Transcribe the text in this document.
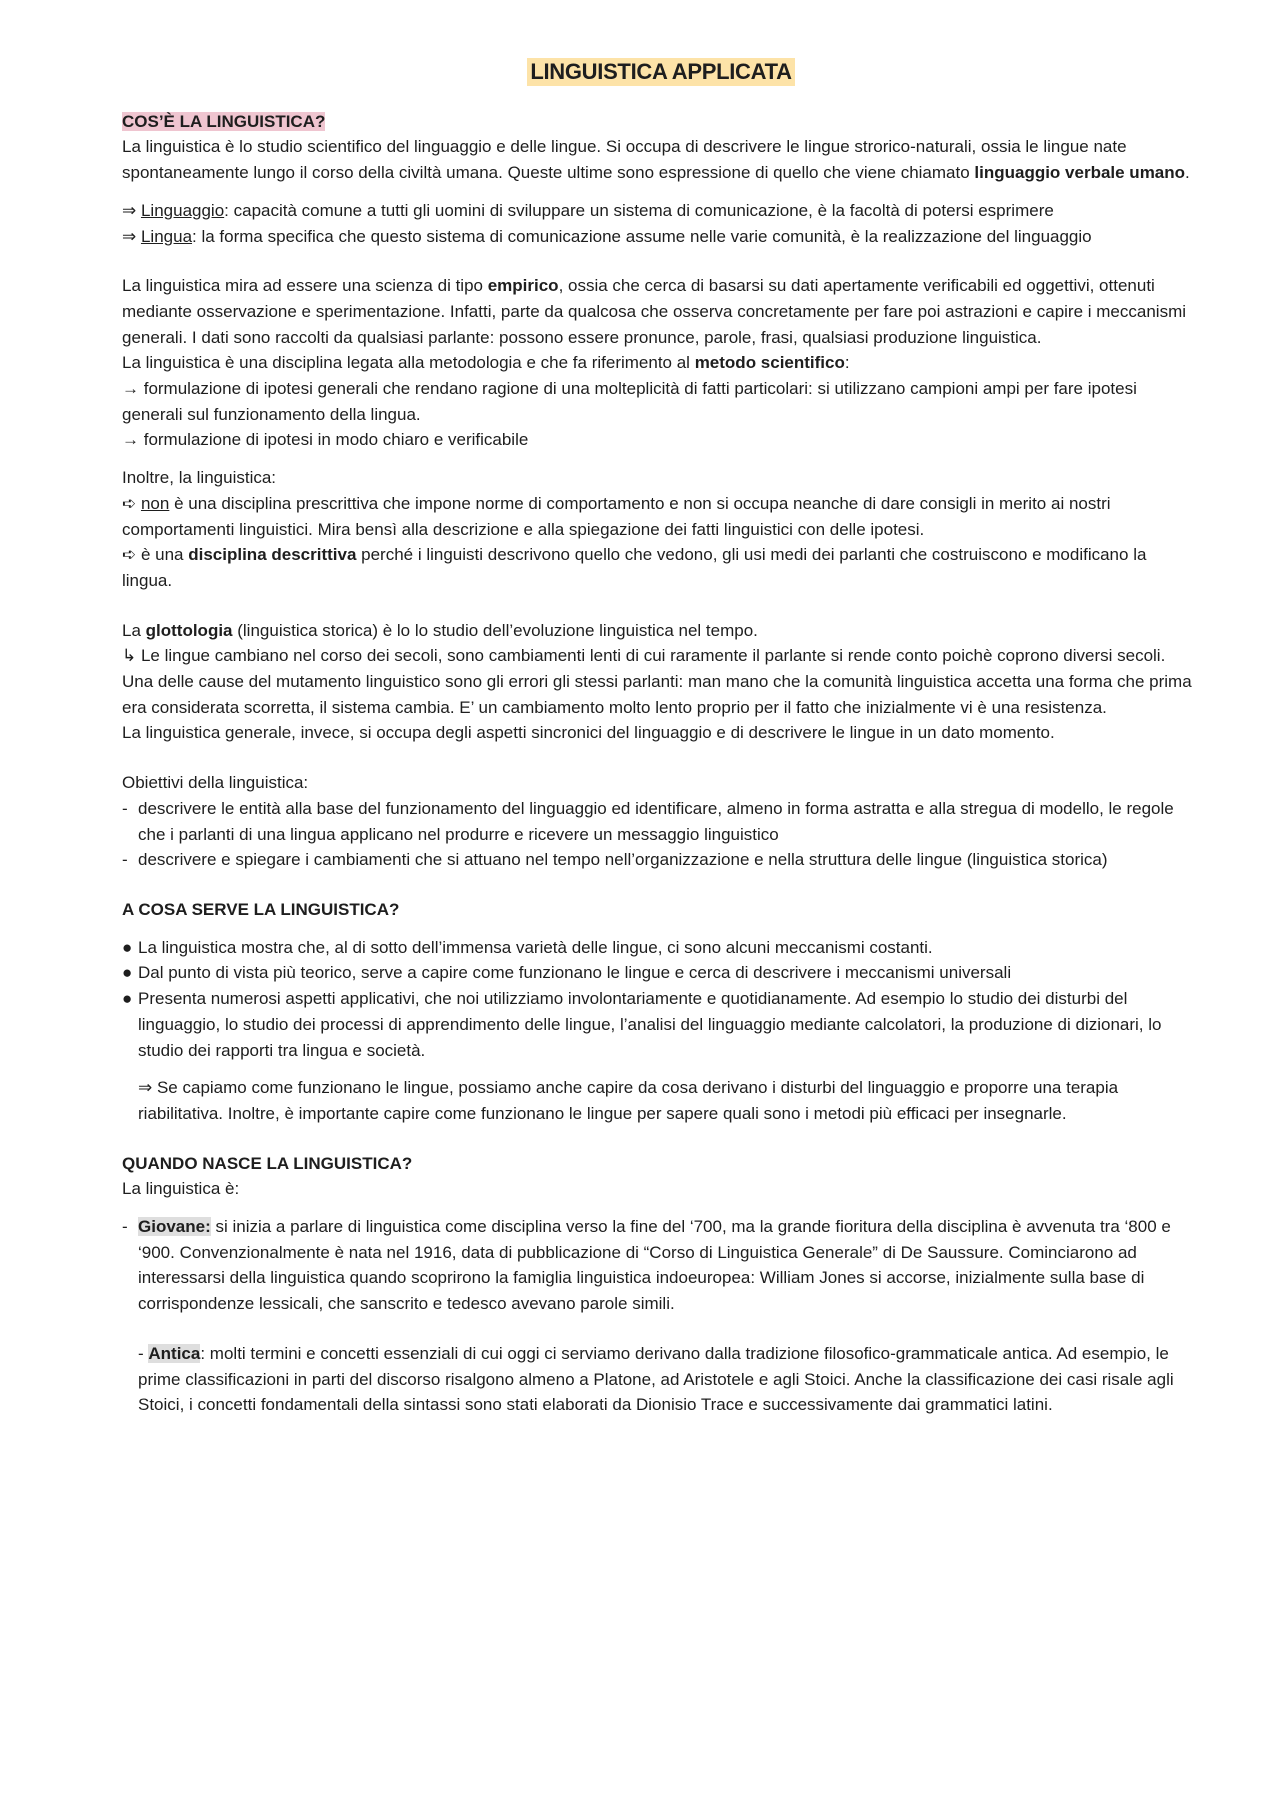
LINGUISTICA APPLICATA

COS’È LA LINGUISTICA?

La linguistica è lo studio scientifico del linguaggio e delle lingue. Si occupa di descrivere le lingue strorico-naturali, ossia le lingue nate spontaneamente lungo il corso della civiltà umana. Queste ultime sono espressione di quello che viene chiamato linguaggio verbale umano.

⇒ Linguaggio: capacità comune a tutti gli uomini di sviluppare un sistema di comunicazione, è la facoltà di potersi esprimere

⇒ Lingua: la forma specifica che questo sistema di comunicazione assume nelle varie comunità, è la realizzazione del linguaggio

La linguistica mira ad essere una scienza di tipo empirico, ossia che cerca di basarsi su dati apertamente verificabili ed oggettivi, ottenuti mediante osservazione e sperimentazione. Infatti, parte da qualcosa che osserva concretamente per fare poi astrazioni e capire i meccanismi generali. I dati sono raccolti da qualsiasi parlante: possono essere pronunce, parole, frasi, qualsiasi produzione linguistica.

La linguistica è una disciplina legata alla metodologia e che fa riferimento al metodo scientifico:

→ formulazione di ipotesi generali che rendano ragione di una molteplicità di fatti particolari: si utilizzano campioni ampi per fare ipotesi generali sul funzionamento della lingua.

→ formulazione di ipotesi in modo chiaro e verificabile

Inoltre, la linguistica:

➪ non è una disciplina prescrittiva che impone norme di comportamento e non si occupa neanche di dare consigli in merito ai nostri comportamenti linguistici. Mira bensì alla descrizione e alla spiegazione dei fatti linguistici con delle ipotesi.

➪ è una disciplina descrittiva perché i linguisti descrivono quello che vedono, gli usi medi dei parlanti che costruiscono e modificano la lingua.

La glottologia (linguistica storica) è lo lo studio dell’evoluzione linguistica nel tempo.

↳ Le lingue cambiano nel corso dei secoli, sono cambiamenti lenti di cui raramente il parlante si rende conto poichè coprono diversi secoli. Una delle cause del mutamento linguistico sono gli errori gli stessi parlanti: man mano che la comunità linguistica accetta una forma che prima era considerata scorretta, il sistema cambia. E’ un cambiamento molto lento proprio per il fatto che inizialmente vi è una resistenza.

La linguistica generale, invece, si occupa degli aspetti sincronici del linguaggio e di descrivere le lingue in un dato momento.

Obiettivi della linguistica:

- descrivere le entità alla base del funzionamento del linguaggio ed identificare, almeno in forma astratta e alla stregua di modello, le regole che i parlanti di una lingua applicano nel produrre e ricevere un messaggio linguistico
- descrivere e spiegare i cambiamenti che si attuano nel tempo nell’organizzazione e nella struttura delle lingue (linguistica storica)

A COSA SERVE LA LINGUISTICA?

● La linguistica mostra che, al di sotto dell’immensa varietà delle lingue, ci sono alcuni meccanismi costanti.
● Dal punto di vista più teorico, serve a capire come funzionano le lingue e cerca di descrivere i meccanismi universali
● Presenta numerosi aspetti applicativi, che noi utilizziamo involontariamente e quotidianamente. Ad esempio lo studio dei disturbi del linguaggio, lo studio dei processi di apprendimento delle lingue, l’analisi del linguaggio mediante calcolatori, la produzione di dizionari, lo studio dei rapporti tra lingua e società.

⇒ Se capiamo come funzionano le lingue, possiamo anche capire da cosa derivano i disturbi del linguaggio e proporre una terapia riabilitativa. Inoltre, è importante capire come funzionano le lingue per sapere quali sono i metodi più efficaci per insegnarle.

QUANDO NASCE LA LINGUISTICA?

La linguistica è:

- Giovane: si inizia a parlare di linguistica come disciplina verso la fine del ‘700, ma la grande fioritura della disciplina è avvenuta tra ‘800 e ‘900. Convenzionalmente è nata nel 1916, data di pubblicazione di “Corso di Linguistica Generale” di De Saussure. Cominciarono ad interessarsi della linguistica quando scoprirono la famiglia linguistica indoeuropea: William Jones si accorse, inizialmente sulla base di corrispondenze lessicali, che sanscrito e tedesco avevano parole simili.
- Antica: molti termini e concetti essenziali di cui oggi ci serviamo derivano dalla tradizione filosofico-grammaticale antica. Ad esempio, le prime classificazioni in parti del discorso risalgono almeno a Platone, ad Aristotele e agli Stoici. Anche la classificazione dei casi risale agli Stoici, i concetti fondamentali della sintassi sono stati elaborati da Dionisio Trace e successivamente dai grammatici latini.
